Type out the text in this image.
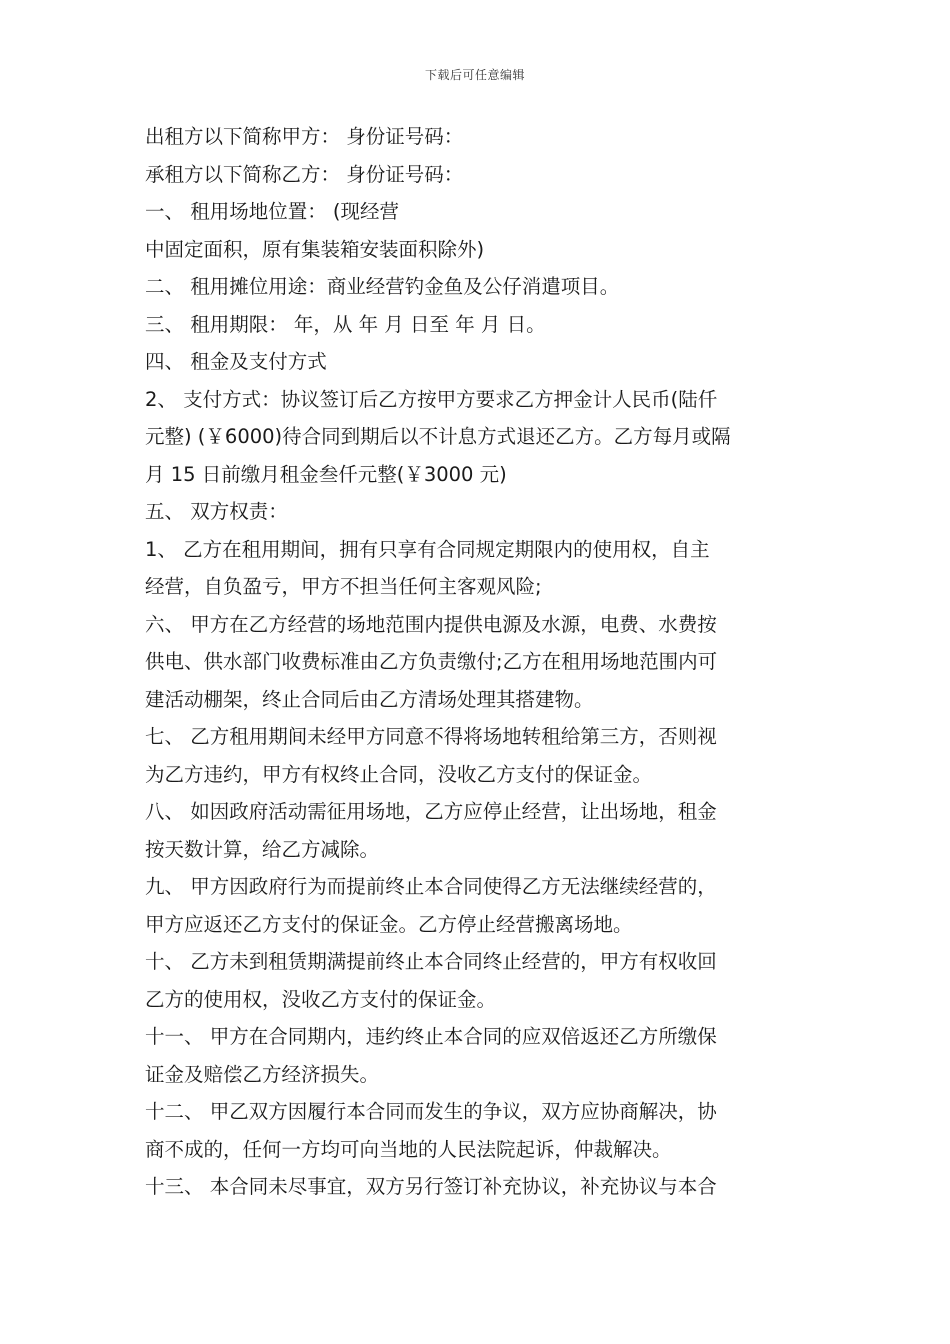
下载后可任意编辑
出租方以下简称甲方： 身份证号码：
承租方以下简称乙方： 身份证号码：
一、 租用场地位置： (现经营
中固定面积，原有集装箱安装面积除外)
二、 租用摊位用途：商业经营钓金鱼及公仔消遣项目。
三、 租用期限： 年，从 年 月 日至 年 月 日。
四、 租金及支付方式
2、 支付方式：协议签订后乙方按甲方要求乙方押金计人民币(陆仟
元整) (￥6000)待合同到期后以不计息方式退还乙方。乙方每月或隔
月 15 日前缴月租金叁仟元整(￥3000 元)
五、 双方权责：
1、 乙方在租用期间，拥有只享有合同规定期限内的使用权，自主
经营，自负盈亏，甲方不担当任何主客观风险;
六、 甲方在乙方经营的场地范围内提供电源及水源，电费、水费按
供电、供水部门收费标准由乙方负责缴付;乙方在租用场地范围内可
建活动棚架，终止合同后由乙方清场处理其搭建物。
七、 乙方租用期间未经甲方同意不得将场地转租给第三方，否则视
为乙方违约，甲方有权终止合同，没收乙方支付的保证金。
八、 如因政府活动需征用场地，乙方应停止经营，让出场地，租金
按天数计算，给乙方减除。
九、 甲方因政府行为而提前终止本合同使得乙方无法继续经营的，
甲方应返还乙方支付的保证金。乙方停止经营搬离场地。
十、 乙方未到租赁期满提前终止本合同终止经营的，甲方有权收回
乙方的使用权，没收乙方支付的保证金。
十一、 甲方在合同期内，违约终止本合同的应双倍返还乙方所缴保
证金及赔偿乙方经济损失。
十二、 甲乙双方因履行本合同而发生的争议，双方应协商解决，协
商不成的，任何一方均可向当地的人民法院起诉，仲裁解决。
十三、 本合同未尽事宜，双方另行签订补充协议，补充协议与本合
